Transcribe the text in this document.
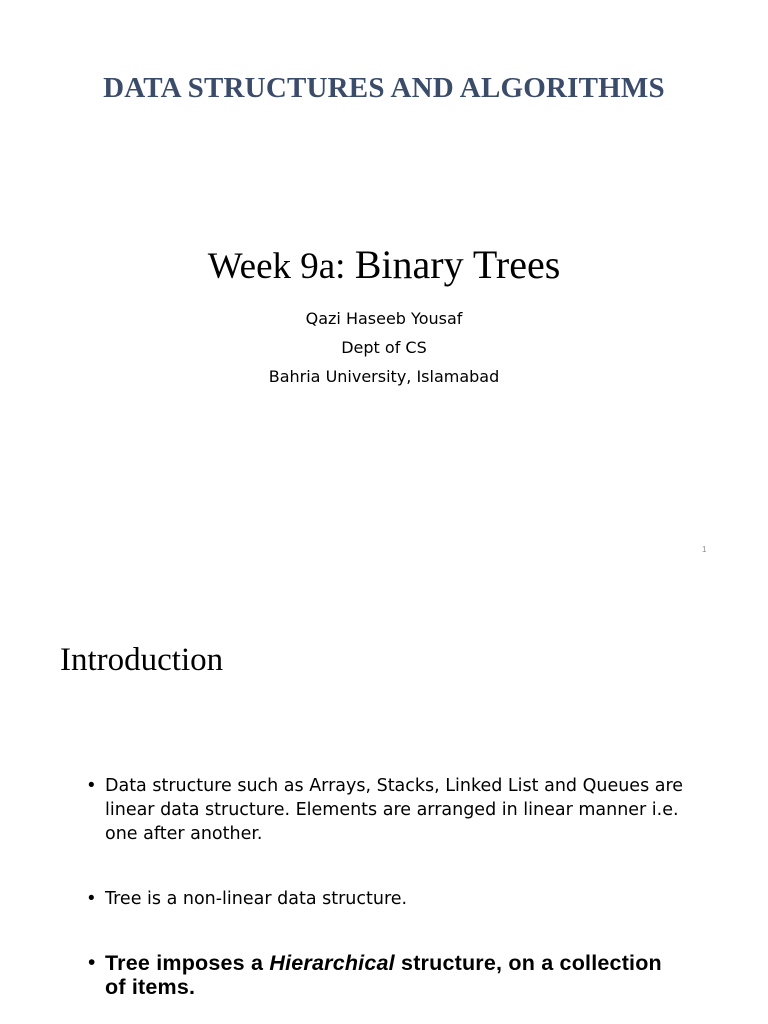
DATA STRUCTURES AND ALGORITHMS
Week 9a: Binary Trees
Qazi Haseeb Yousaf
Dept of CS
Bahria University, Islamabad
1
Introduction
• Data structure such as Arrays, Stacks, Linked List and Queues are linear data structure. Elements are arranged in linear manner i.e. one after another.
• Tree is a non-linear data structure.
• Tree imposes a Hierarchical structure, on a collection of items.
